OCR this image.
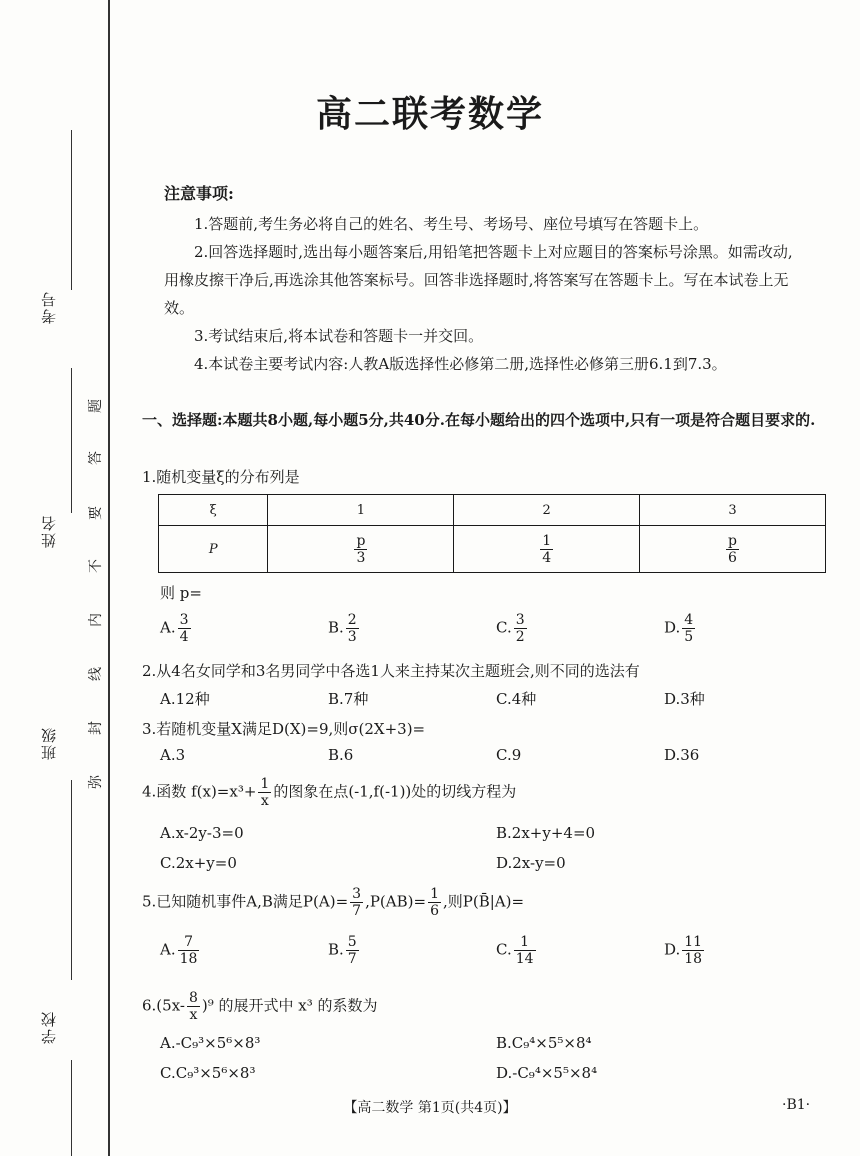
考号
姓名
班级
学校
题
答
要
不
内
线
封
弥
高二联考数学
注意事项:

1.答题前,考生务必将自己的姓名、考生号、考场号、座位号填写在答题卡上。

2.回答选择题时,选出每小题答案后,用铅笔把答题卡上对应题目的答案标号涂黑。如需改动,用橡皮擦干净后,再选涂其他答案标号。回答非选择题时,将答案写在答题卡上。写在本试卷上无效。

3.考试结束后,将本试卷和答题卡一并交回。

4.本试卷主要考试内容:人教A版选择性必修第二册,选择性必修第三册6.1到7.3。

一、选择题:本题共8小题,每小题5分,共40分.在每小题给出的四个选项中,只有一项是符合题目要求的.
1.随机变量ξ的分布列是
ξ	1	2	3
P	$\frac{p}{3}$	$\frac{1}{4}$	$\frac{p}{6}$
则 p=
A. $\frac{3}{4}$	B. $\frac{2}{3}$	C. $\frac{3}{2}$	D. $\frac{4}{5}$
2.从4名女同学和3名男同学中各选1人来主持某次主题班会,则不同的选法有
A.12种	B.7种	C.4种	D.3种
3.若随机变量X满足D(X)=9,则σ(2X+3)=
A.3	B.6	C.9	D.36
4.函数 $f(x)=x^3+ \frac{1}{x}$ 的图象在点(-1,f(-1))处的切线方程为
A.x-2y-3=0	B.2x+y+4=0
C.2x+y=0	D.2x-y=0
5.已知随机事件A,B满足$P(A)= \frac{3}{7} ,P(AB)= \frac{1}{6}$ ,则P(B̄|A)=
A. $\frac{7}{18}$	B. $\frac{5}{7}$	C. $\frac{1}{14}$	D. $\frac{11}{18}$
$6.(5x- \frac{8}{x} )^9$ 的展开式中 x³ 的系数为
A.-C₉³×5⁶×8³	B.C₉⁴×5⁵×8⁴
C.C₉³×5⁶×8³	D.-C₉⁴×5⁵×8⁴
【高二数学 第1页(共4页)】	·B1·
